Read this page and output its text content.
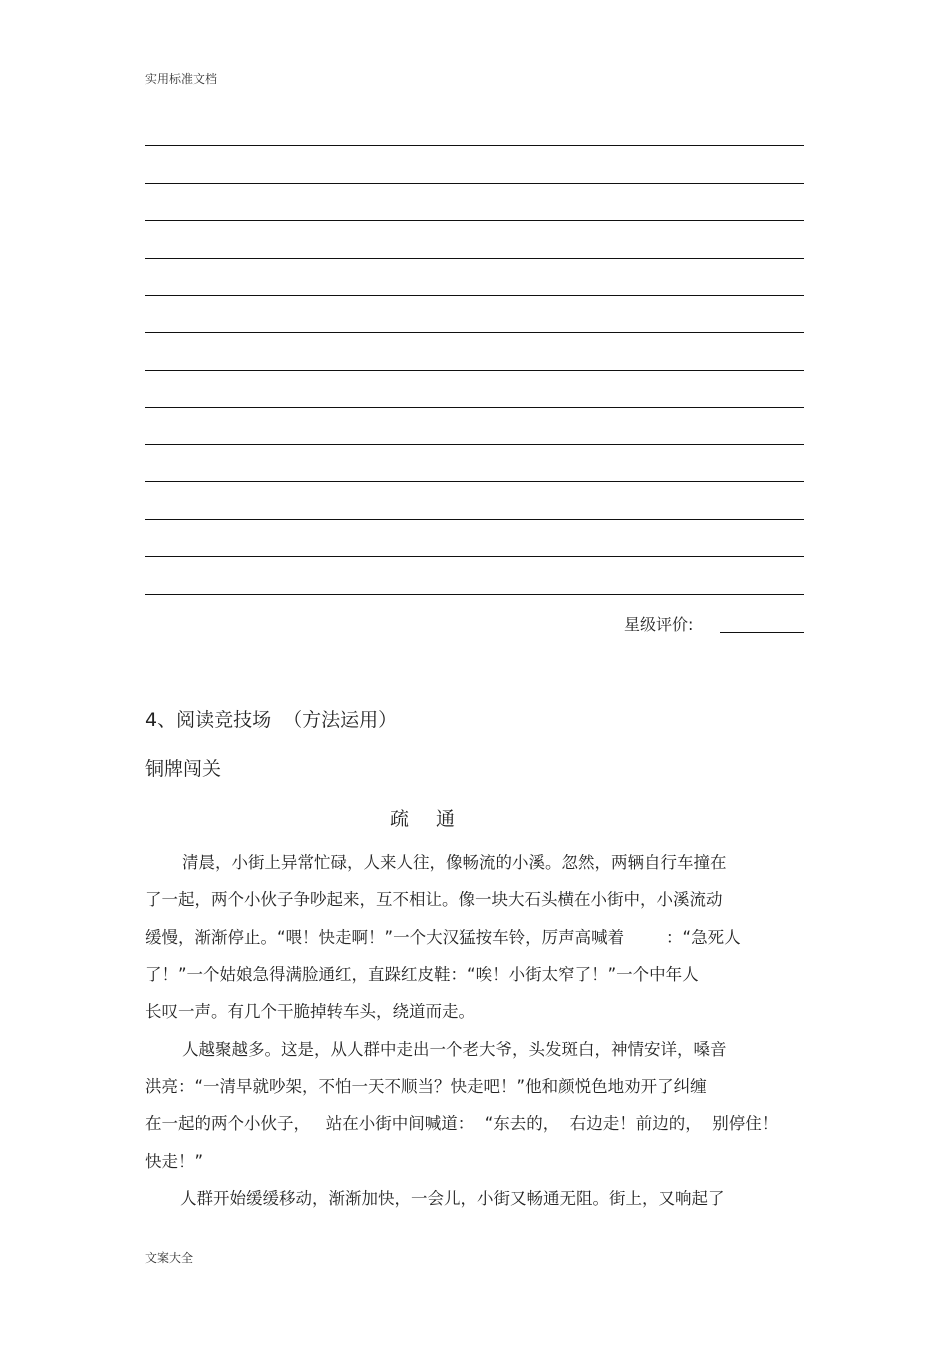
实用标准文档
星级评价:
4、阅读竞技场  （方法运用）
铜牌闯关
疏 通
清晨，小街上异常忙碌，人来人往，像畅流的小溪。忽然，两辆自行车撞在
了一起，两个小伙子争吵起来，互不相让。像一块大石头横在小街中，小溪流动
缓慢，渐渐停止。“喂！快走啊！”一个大汉猛按车铃，厉声高喊着        ：“急死人
了！”一个姑娘急得满脸通红，直跺红皮鞋：“唉！小街太窄了！”一个中年人
长叹一声。有几个干脆掉转车头，绕道而走。
人越聚越多。这是，从人群中走出一个老大爷，头发斑白，神情安详，嗓音
洪亮：“一清早就吵架，不怕一天不顺当？快走吧！”他和颜悦色地劝开了纠缠
在一起的两个小伙子，   站在小街中间喊道：  “东去的，  右边走！前边的，  别停住！
快走！”
人群开始缓缓移动，渐渐加快，一会儿，小街又畅通无阻。街上，又响起了
文案大全
